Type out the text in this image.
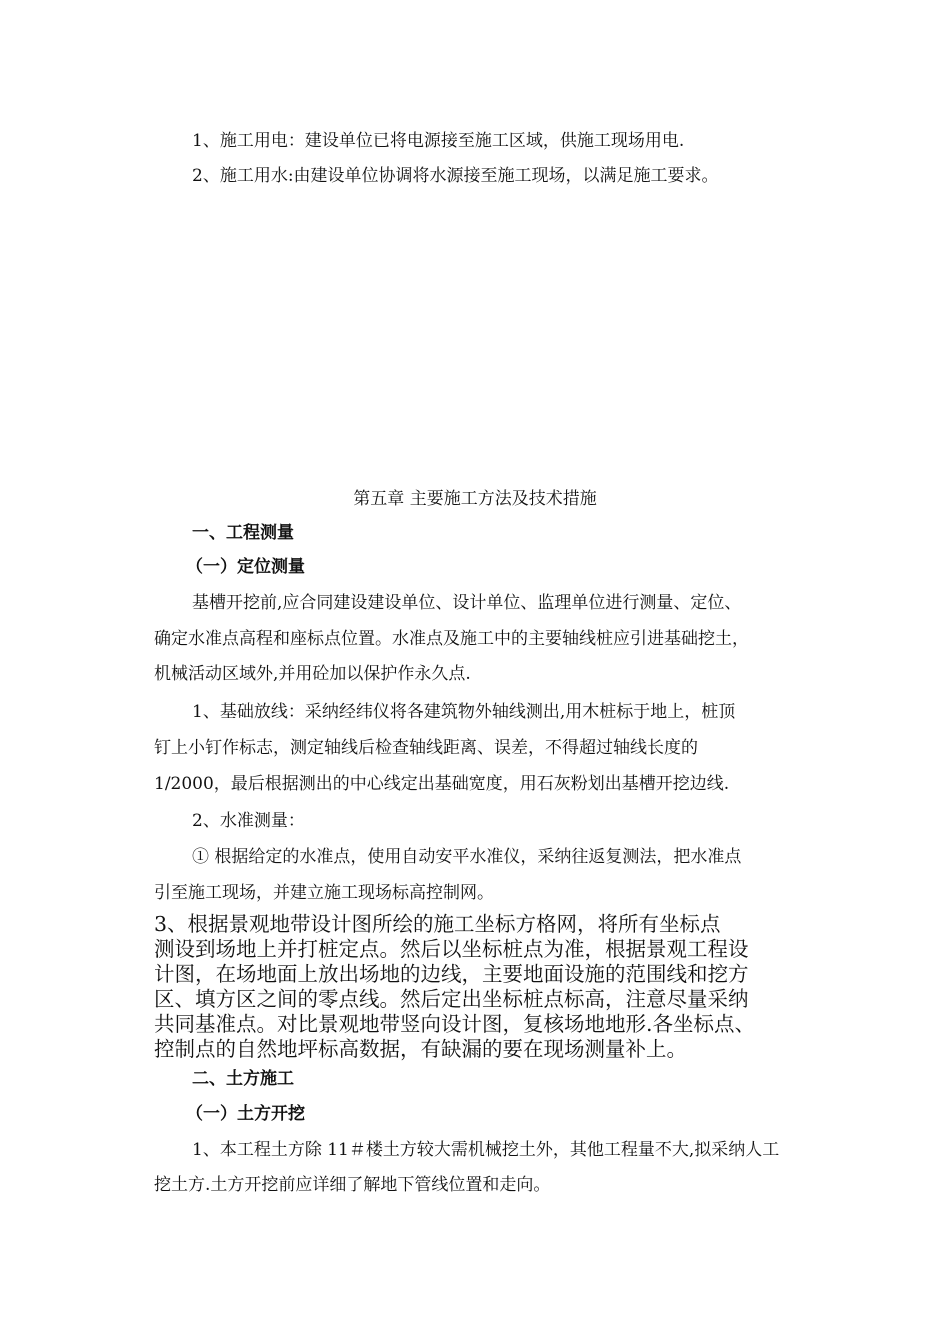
1、施工用电：建设单位已将电源接至施工区域，供施工现场用电.
2、施工用水:由建设单位协调将水源接至施工现场，以满足施工要求。
第五章 主要施工方法及技术措施
一、工程测量
（一）定位测量
基槽开挖前,应合同建设建设单位、设计单位、监理单位进行测量、定位、
确定水准点高程和座标点位置。水准点及施工中的主要轴线桩应引进基础挖土，
机械活动区域外,并用砼加以保护作永久点.
1、基础放线：采纳经纬仪将各建筑物外轴线测出,用木桩标于地上，桩顶
钉上小钉作标志，测定轴线后检查轴线距离、误差，不得超过轴线长度的
1/2000，最后根据测出的中心线定出基础宽度，用石灰粉划出基槽开挖边线.
2、水准测量：
① 根据给定的水准点，使用自动安平水准仪，采纳往返复测法，把水准点
引至施工现场，并建立施工现场标高控制网。
3、根据景观地带设计图所绘的施工坐标方格网，将所有坐标点
测设到场地上并打桩定点。然后以坐标桩点为准，根据景观工程设
计图，在场地面上放出场地的边线，主要地面设施的范围线和挖方
区、填方区之间的零点线。然后定出坐标桩点标高，注意尽量采纳
共同基准点。对比景观地带竖向设计图，复核场地地形.各坐标点、
控制点的自然地坪标高数据，有缺漏的要在现场测量补上。
二、土方施工
（一）土方开挖
1、本工程土方除 11＃楼土方较大需机械挖土外，其他工程量不大,拟采纳人工
挖土方.土方开挖前应详细了解地下管线位置和走向。
